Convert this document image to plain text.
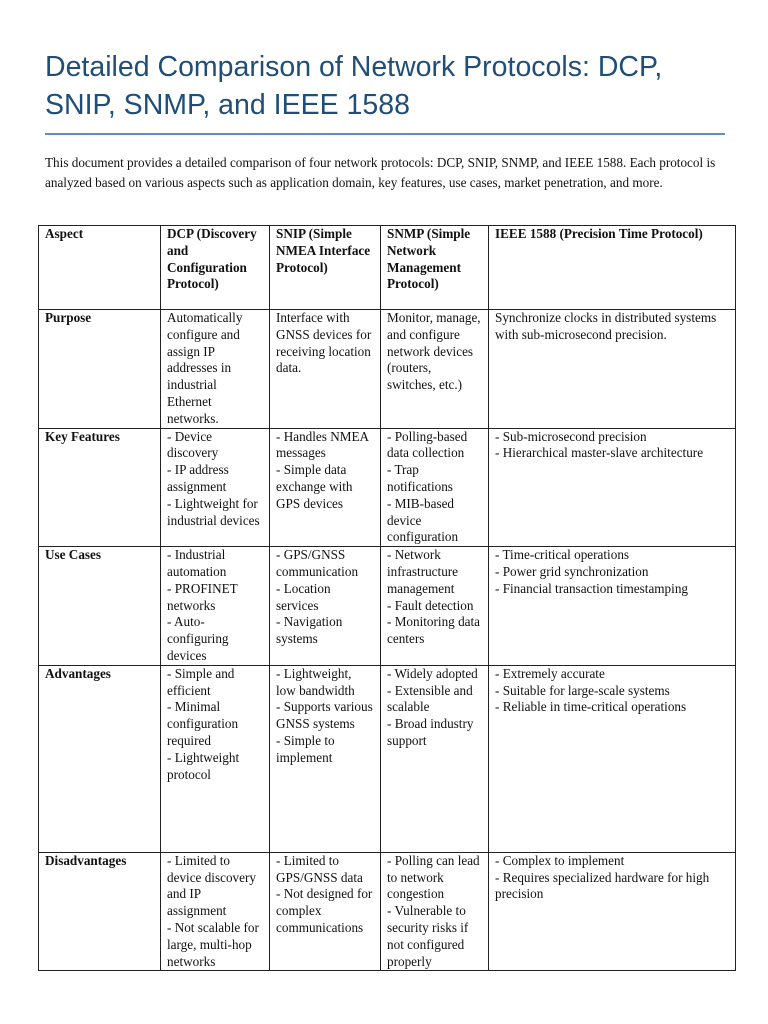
Detailed Comparison of Network Protocols: DCP,
SNIP, SNMP, and IEEE 1588

This document provides a detailed comparison of four network protocols: DCP, SNIP, SNMP, and IEEE 1588. Each protocol is analyzed based on various aspects such as application domain, key features, use cases, market penetration, and more.

Aspect	DCP (Discovery and Configuration Protocol)	SNIP (Simple NMEA Interface Protocol)	SNMP (Simple Network Management Protocol)	IEEE 1588 (Precision Time Protocol)
Purpose	Automatically configure and assign IP addresses in industrial Ethernet networks.	Interface with GNSS devices for receiving location data.	Monitor, manage, and configure network devices (routers, switches, etc.)	Synchronize clocks in distributed systems with sub-microsecond precision.

Key Features	- Device discovery
- IP address assignment
- Lightweight for industrial devices	- Handles NMEA messages
- Simple data exchange with GPS devices	- Polling-based data collection
- Trap notifications
- MIB-based device configuration	- Sub-microsecond precision
- Hierarchical master-slave architecture

Use Cases	- Industrial automation
- PROFINET networks
- Auto-configuring devices	- GPS/GNSS communication
- Location services
- Navigation systems	- Network infrastructure management
- Fault detection
- Monitoring data centers	- Time-critical operations
- Power grid synchronization
- Financial transaction timestamping

Advantages	- Simple and efficient
- Minimal configuration required
- Lightweight protocol	- Lightweight, low bandwidth
- Supports various GNSS systems
- Simple to implement	- Widely adopted
- Extensible and scalable
- Broad industry support	- Extremely accurate
- Suitable for large-scale systems
- Reliable in time-critical operations

Disadvantages	- Limited to device discovery and IP assignment
- Not scalable for large, multi-hop networks	- Limited to GPS/GNSS data
- Not designed for complex communications	- Polling can lead to network congestion
- Vulnerable to security risks if not configured properly	- Complex to implement
- Requires specialized hardware for high precision
